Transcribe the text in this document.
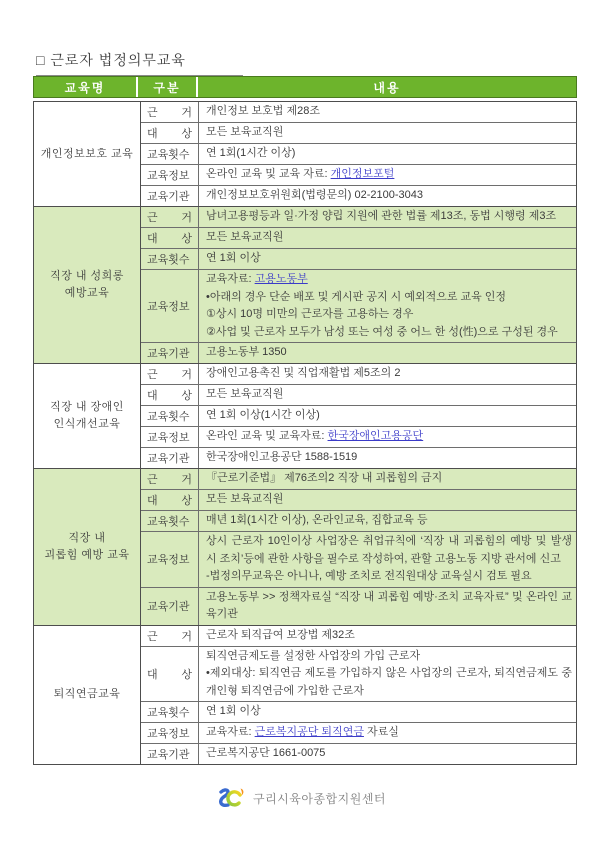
□ 근로자 법정의무교육
교육명	구분	내용
개인정보보호 교육
근 거 개인정보 보호법 제28조
대 상 모든 보육교직원
교육횟수 연 1회(1시간 이상)
교육정보 온라인 교육 및 교육 자료: 개인정보포털
교육기관 개인정보보호위원회(법령문의) 02-2100-3043
직장 내 성희롱
예방교육
근 거 남녀고용평등과 일·가정 양립 지원에 관한 법률 제13조, 동법 시행령 제3조
대 상 모든 보육교직원
교육횟수 연 1회 이상
교육정보
교육자료: 고용노동부
•아래의 경우 단순 배포 및 게시판 공지 시 예외적으로 교육 인정
①상시 10명 미만의 근로자를 고용하는 경우
②사업 및 근로자 모두가 남성 또는 여성 중 어느 한 성(性)으로 구성된 경우
교육기관 고용노동부 1350
직장 내 장애인
인식개선교육
근 거 장애인고용촉진 및 직업재활법 제5조의 2
대 상 모든 보육교직원
교육횟수 연 1회 이상(1시간 이상)
교육정보 온라인 교육 및 교육자료: 한국장애인고용공단
교육기관 한국장애인고용공단 1588-1519
직장 내
괴롭힘 예방 교육
근 거 『근로기준법』 제76조의2 직장 내 괴롭힘의 금지
대 상 모든 보육교직원
교육횟수 매년 1회(1시간 이상), 온라인교육, 집합교육 등
교육정보
상시 근로자 10인이상 사업장은 취업규칙에 ‘직장 내 괴롭힘의 예방 및 발생 시 조치’등에 관한 사항을 필수로 작성하여, 관할 고용노동 지방 관서에 신고
-법정의무교육은 아니나, 예방 조치로 전직원대상 교육실시 검토 필요
교육기관
고용노동부 >> 정책자료실 “직장 내 괴롭힘 예방·조치 교육자료” 및 온라인 교육기관
퇴직연금교육
근 거 근로자 퇴직급여 보장법 제32조
대 상
퇴직연금제도를 설정한 사업장의 가입 근로자
•제외대상: 퇴직연금 제도를 가입하지 않은 사업장의 근로자, 퇴직연금제도 중 개인형 퇴직연금에 가입한 근로자
교육횟수 연 1회 이상
교육정보 교육자료: 근로복지공단 퇴직연금 자료실
교육기관 근로복지공단 1661-0075
구리시육아종합지원센터
